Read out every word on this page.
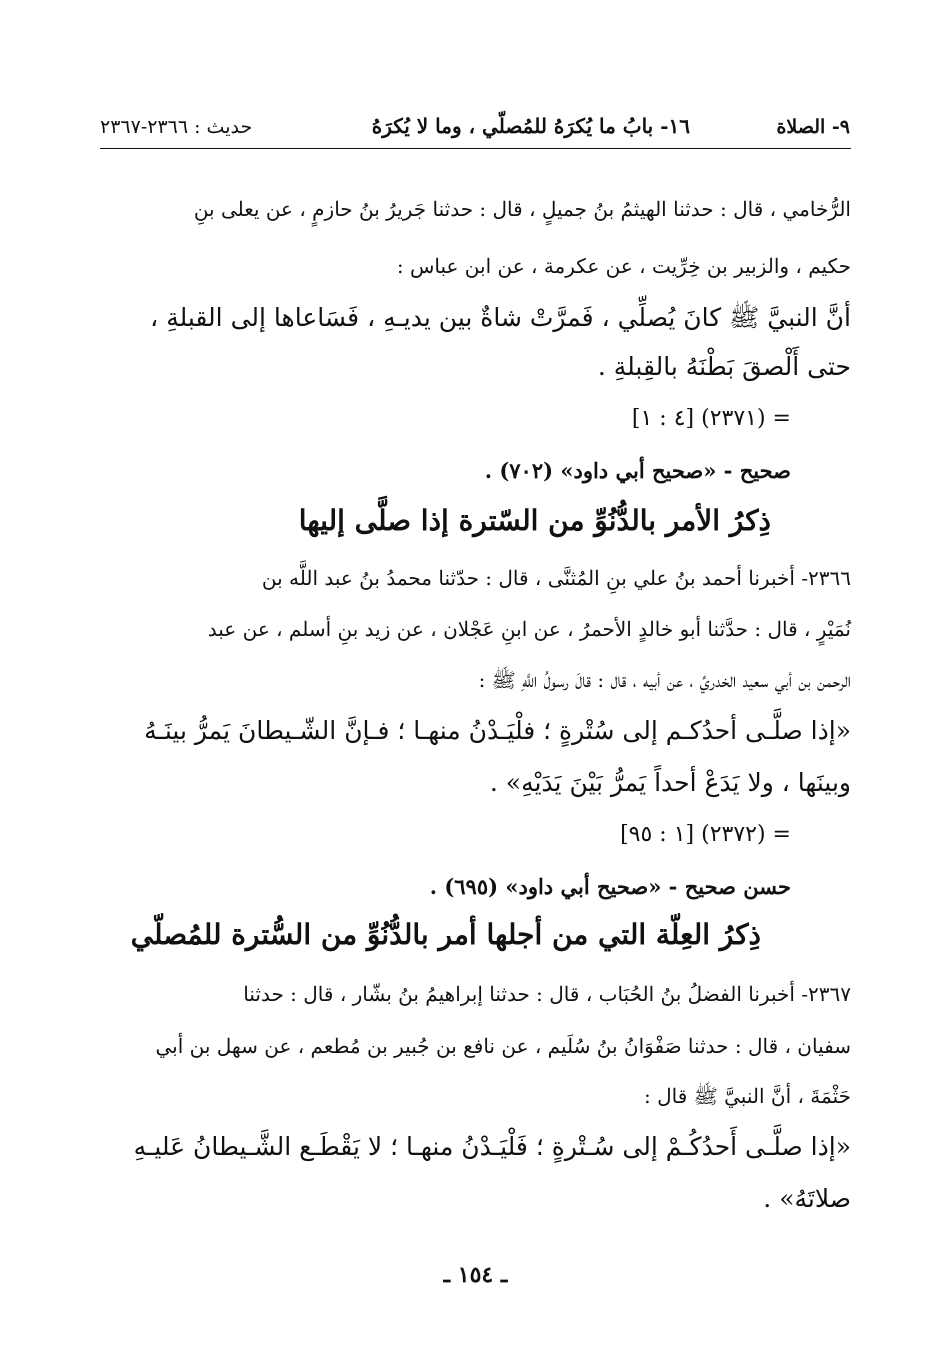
٩- الصلاة
١٦- بابُ ما يُكرَهُ للمُصلّي ، وما لا يُكرَهُ
حديث : ٢٣٦٦-٢٣٦٧
الرُّخامي ، قال : حدثنا الهيثمُ بنُ جميلٍ ، قال : حدثنا جَريرُ بنُ حازمٍ ، عن يعلى بنِ
حكيم ، والزبير بن خِرِّيت ، عن عكرمة ، عن ابن عباس :
أنَّ النبيَّ ﷺ كانَ يُصلِّي ، فَمرَّتْ شاةٌ بين يديـهِ ، فَسَاعاها إلى القبلةِ ،
حتى أَلْصقَ بَطْنَهُ بالقِبلةِ .
= (٢٣٧١) [٤ : ١]
صحيح - «صحيح أبي داود» (٧٠٢) .
ذِكرُ الأمر بالدُّنُوِّ من السّترة إذا صلَّى إليها
٢٣٦٦- أخبرنا أحمد بنُ علي بنِ المُثنَّى ، قال : حدّثنا محمدُ بنُ عبد اللَّه بن
نُمَيْرٍ ، قال : حدَّثنا أبو خالدٍ الأحمرُ ، عن ابنِ عَجْلان ، عن زيد بنِ أسلم ، عن عبد
الرحمن بن أبي سعيد الخدريِّ ، عن أبيه ، قال : قالَ رسولُ اللَّهِ ﷺ :
«إذا صلَّـى أحدُكـم إلى سُتْرةٍ ؛ فلْيَـدْنُ منهـا ؛ فـإنَّ الشّـيطانَ يَمرُّ بينَـهُ
وبينَها ، ولا يَدَعْ أحداً يَمرُّ بَيْنَ يَدَيْهِ» .
= (٢٣٧٢) [١ : ٩٥]
حسن صحيح - «صحيح أبي داود» (٦٩٥) .
ذِكرُ العِلّة التي من أجلها أمر بالدُّنُوِّ من السُّترة للمُصلّي
٢٣٦٧- أخبرنا الفضلُ بنُ الحُبَاب ، قال : حدثنا إبراهيمُ بنُ بشّار ، قال : حدثنا
سفيان ، قال : حدثنا صَفْوَانُ بنُ سُلَيم ، عن نافع بن جُبير بن مُطعم ، عن سهل بن أبي
حَثْمَةَ ، أنَّ النبيَّ ﷺ قال :
«إذا صلَّـى أَحدُكُـمْ إلى سُـتْرةٍ ؛ فَلْيَـدْنُ منهـا ؛ لا يَقْطَـع الشَّـيطانُ عَليـهِ
صلاتَهُ» .
ـ ١٥٤ ـ
